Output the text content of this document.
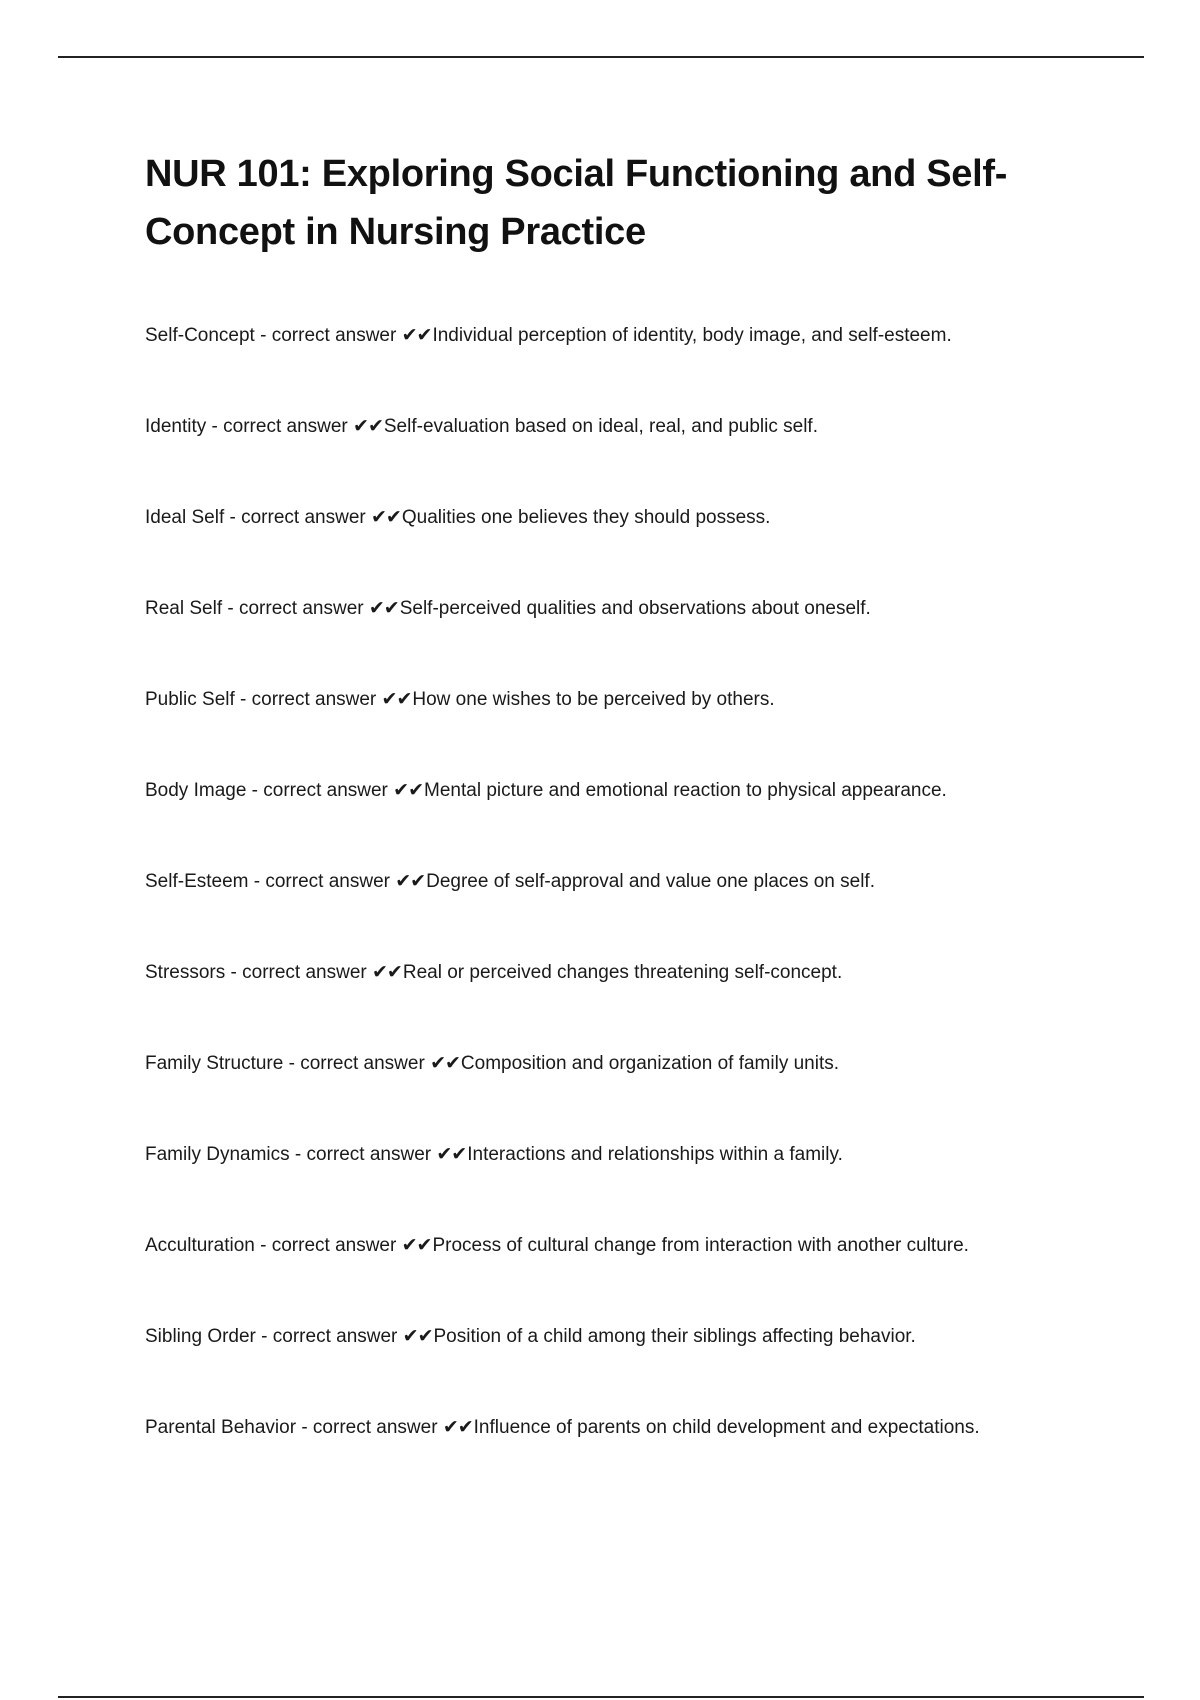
NUR 101: Exploring Social Functioning and Self-Concept in Nursing Practice
Self-Concept - correct answer ✔✔Individual perception of identity, body image, and self-esteem.
Identity - correct answer ✔✔Self-evaluation based on ideal, real, and public self.
Ideal Self - correct answer ✔✔Qualities one believes they should possess.
Real Self - correct answer ✔✔Self-perceived qualities and observations about oneself.
Public Self - correct answer ✔✔How one wishes to be perceived by others.
Body Image - correct answer ✔✔Mental picture and emotional reaction to physical appearance.
Self-Esteem - correct answer ✔✔Degree of self-approval and value one places on self.
Stressors - correct answer ✔✔Real or perceived changes threatening self-concept.
Family Structure - correct answer ✔✔Composition and organization of family units.
Family Dynamics - correct answer ✔✔Interactions and relationships within a family.
Acculturation - correct answer ✔✔Process of cultural change from interaction with another culture.
Sibling Order - correct answer ✔✔Position of a child among their siblings affecting behavior.
Parental Behavior - correct answer ✔✔Influence of parents on child development and expectations.
